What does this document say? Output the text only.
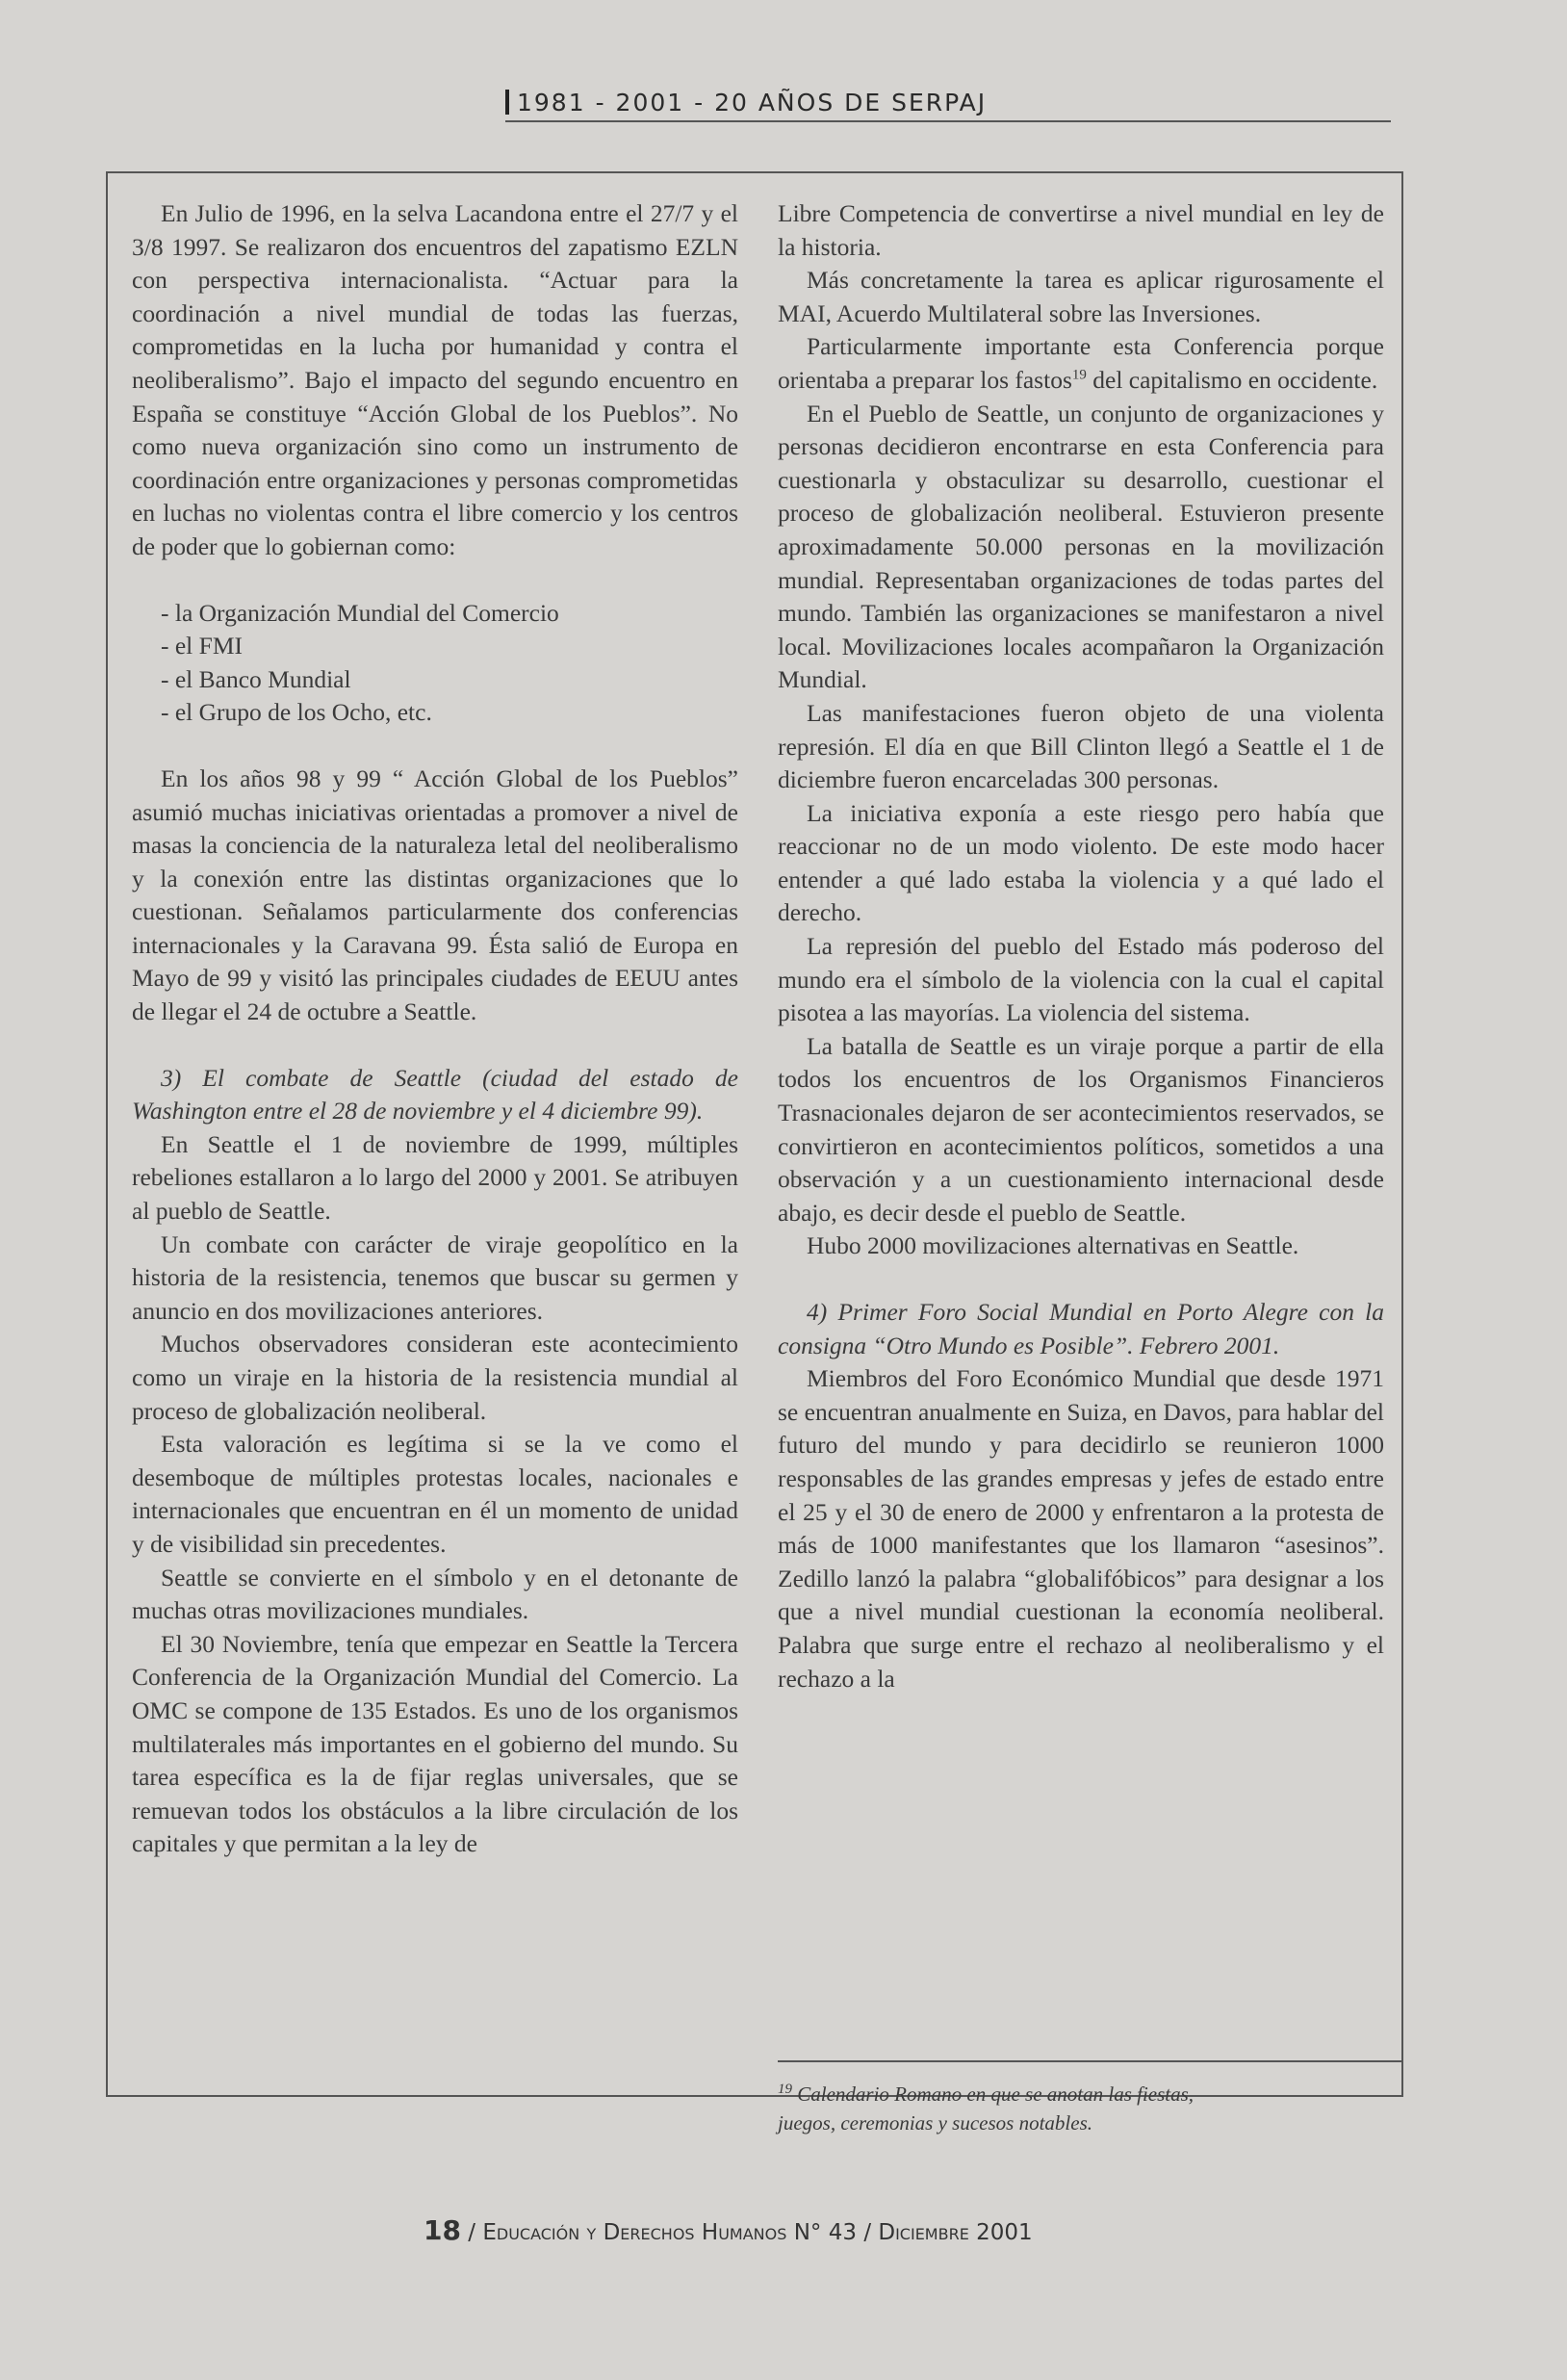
1981 - 2001 - 20 AÑOS DE SERPAJ

En Julio de 1996, en la selva Lacandona entre el 27/7 y el 3/8 1997. Se realizaron dos encuentros del zapatismo EZLN con perspectiva internacionalista. “Actuar para la coordinación a nivel mundial de todas las fuerzas, comprometidas en la lucha por humanidad y contra el neoliberalismo”. Bajo el impacto del segundo encuentro en España se constituye “Acción Global de los Pueblos”. No como nueva organización sino como un instrumento de coordinación entre organizaciones y personas comprometidas en luchas no violentas contra el libre comercio y los centros de poder que lo gobiernan como:

- la Organización Mundial del Comercio
- el FMI
- el Banco Mundial
- el Grupo de los Ocho, etc.

En los años 98 y 99 “ Acción Global de los Pueblos” asumió muchas iniciativas orientadas a promover a nivel de masas la conciencia de la naturaleza letal del neoliberalismo y la conexión entre las distintas organizaciones que lo cuestionan. Señalamos particularmente dos conferencias internacionales y la Caravana 99. Ésta salió de Europa en Mayo de 99 y visitó las principales ciudades de EEUU antes de llegar el 24 de octubre a Seattle.

3) El combate de Seattle (ciudad del estado de Washington entre el 28 de noviembre y el 4 diciembre 99).

En Seattle el 1 de noviembre de 1999, múltiples rebeliones estallaron a lo largo del 2000 y 2001. Se atribuyen al pueblo de Seattle.

Un combate con carácter de viraje geopolítico en la historia de la resistencia, tenemos que buscar su germen y anuncio en dos movilizaciones anteriores.

Muchos observadores consideran este acontecimiento como un viraje en la historia de la resistencia mundial al proceso de globalización neoliberal.

Esta valoración es legítima si se la ve como el desemboque de múltiples protestas locales, nacionales e internacionales que encuentran en él un momento de unidad y de visibilidad sin precedentes.

Seattle se convierte en el símbolo y en el detonante de muchas otras movilizaciones mundiales.

El 30 Noviembre, tenía que empezar en Seattle la Tercera Conferencia de la Organización Mundial del Comercio. La OMC se compone de 135 Estados. Es uno de los organismos multilaterales más importantes en el gobierno del mundo. Su tarea específica es la de fijar reglas universales, que se remuevan todos los obstáculos a la libre circulación de los capitales y que permitan a la ley de

Libre Competencia de convertirse a nivel mundial en ley de la historia.

Más concretamente la tarea es aplicar rigurosamente el MAI, Acuerdo Multilateral sobre las Inversiones.

Particularmente importante esta Conferencia porque orientaba a preparar los fastos$^{19}$ del capitalismo en occidente.

En el Pueblo de Seattle, un conjunto de organizaciones y personas decidieron encontrarse en esta Conferencia para cuestionarla y obstaculizar su desarrollo, cuestionar el proceso de globalización neoliberal. Estuvieron presente aproximadamente 50.000 personas en la movilización mundial. Representaban organizaciones de todas partes del mundo. También las organizaciones se manifestaron a nivel local. Movilizaciones locales acompañaron la Organización Mundial.

Las manifestaciones fueron objeto de una violenta represión. El día en que Bill Clinton llegó a Seattle el 1 de diciembre fueron encarceladas 300 personas.

La iniciativa exponía a este riesgo pero había que reaccionar no de un modo violento. De este modo hacer entender a qué lado estaba la violencia y a qué lado el derecho.

La represión del pueblo del Estado más poderoso del mundo era el símbolo de la violencia con la cual el capital pisotea a las mayorías. La violencia del sistema.

La batalla de Seattle es un viraje porque a partir de ella todos los encuentros de los Organismos Financieros Trasnacionales dejaron de ser acontecimientos reservados, se convirtieron en acontecimientos políticos, sometidos a una observación y a un cuestionamiento internacional desde abajo, es decir desde el pueblo de Seattle.

Hubo 2000 movilizaciones alternativas en Seattle.

4) Primer Foro Social Mundial en Porto Alegre con la consigna “Otro Mundo es Posible”. Febrero 2001.

Miembros del Foro Económico Mundial que desde 1971 se encuentran anualmente en Suiza, en Davos, para hablar del futuro del mundo y para decidirlo se reunieron 1000 responsables de las grandes empresas y jefes de estado entre el 25 y el 30 de enero de 2000 y enfrentaron a la protesta de más de 1000 manifestantes que los llamaron “asesinos”. Zedillo lanzó la palabra “globalifóbicos” para designar a los que a nivel mundial cuestionan la economía neoliberal. Palabra que surge entre el rechazo al neoliberalismo y el rechazo a la

$^{19}$ Calendario Romano en que se anotan las fiestas, juegos, ceremonias y sucesos notables.
18 / Educación y Derechos Humanos N° 43 / Diciembre 2001
